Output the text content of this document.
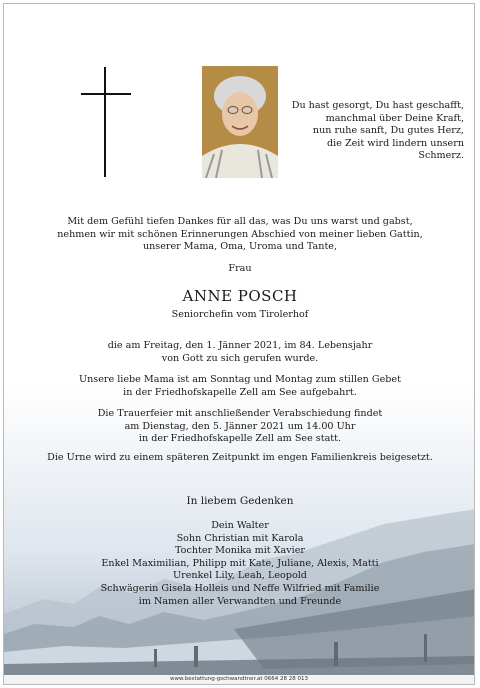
Du hast gesorgt, Du hast geschafft,
manchmal über Deine Kraft,
nun ruhe sanft, Du gutes Herz,
die Zeit wird lindern unsern Schmerz.
Mit dem Gefühl tiefen Dankes für all das, was Du uns warst und gabst,
nehmen wir mit schönen Erinnerungen Abschied von meiner lieben Gattin,
unserer Mama, Oma, Uroma und Tante,
Frau
ANNE POSCH
Seniorchefin vom Tirolerhof
die am Freitag, den 1. Jänner 2021, im 84. Lebensjahr
von Gott zu sich gerufen wurde.
Unsere liebe Mama ist am Sonntag und Montag zum stillen Gebet
in der Friedhofskapelle Zell am See aufgebahrt.
Die Trauerfeier mit anschließender Verabschiedung findet
am Dienstag, den 5. Jänner 2021 um 14.00 Uhr
in der Friedhofskapelle Zell am See statt.
Die Urne wird zu einem späteren Zeitpunkt im engen Familienkreis beigesetzt.
In liebem Gedenken
Dein Walter
Sohn Christian mit Karola
Tochter Monika mit Xavier
Enkel Maximilian, Philipp mit Kate, Juliane, Alexis, Matti
Urenkel Lily, Leah, Leopold
Schwägerin Gisela Holleis und Neffe Wilfried mit Familie
im Namen aller Verwandten und Freunde
www.bestattung-gschwandtner.at 0664 28 28 013
